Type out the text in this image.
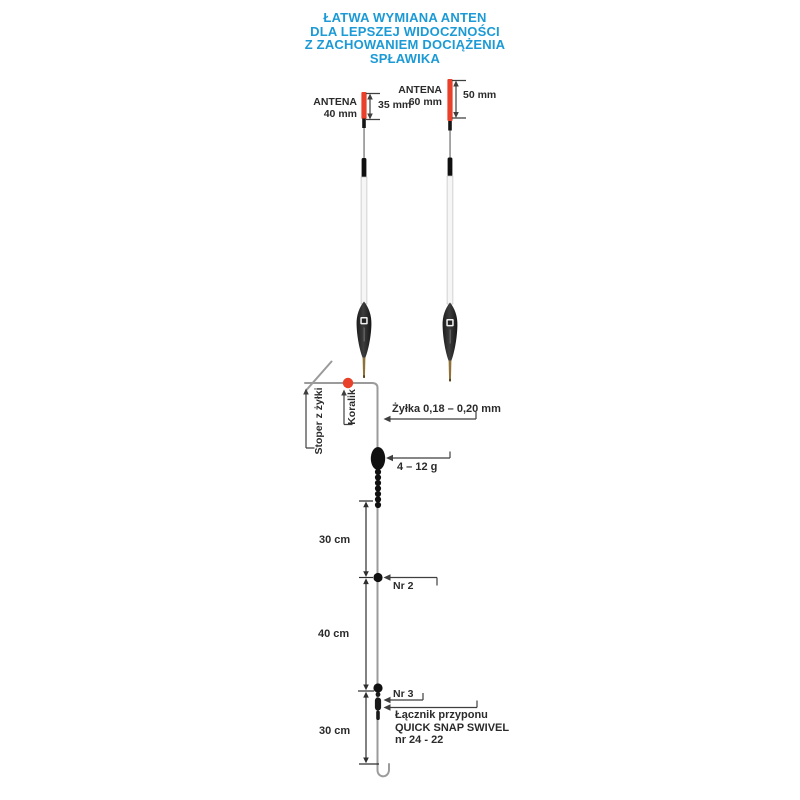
ŁATWA WYMIANA ANTEN
DLA LEPSZEJ WIDOCZNOŚCI
Z ZACHOWANIEM DOCIĄŻENIA
SPŁAWIKA
ANTENA
40 mm
35 mm
ANTENA
60 mm
50 mm
Stoper z żyłki Koralik	Żyłka 0,18 – 0,20 mm
4 – 12 g
30 cm
Nr 2
40 cm
Nr 3
30 cm
Łącznik przyponu
QUICK SNAP SWIVEL
nr 24 - 22
